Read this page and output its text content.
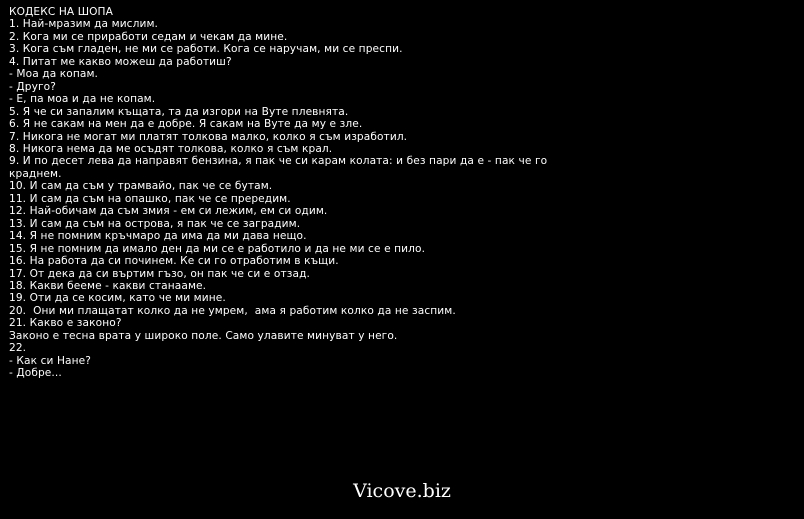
КОДЕКС НА ШОПА
1. Най-мразим да мислим.
2. Кога ми се приработи седам и чекам да мине.
3. Кога съм гладен, не ми се работи. Кога се наручам, ми се преспи.
4. Питат ме какво можеш да работиш?
- Моа да копам.
- Друго?
- Е, па моа и да не копам.
5. Я че си запалим къщата, та да изгори на Вуте плевнята.
6. Я не сакам на мен да е добре. Я сакам на Вуте да му е зле.
7. Никога не могат ми платят толкова малко, колко я съм изработил.
8. Никога нема да ме осъдят толкова, колко я съм крал.
9. И по десет лева да направят бензина, я пак че си карам колата: и без пари да е - пак че го
краднем.
10. И сам да съм у трамвайо, пак че се бутам.
11. И сам да съм на опашко, пак че се прередим.
12. Най-обичам да съм змия - ем си лежим, ем си одим.
13. И сам да съм на острова, я пак че се заградим.
14. Я не помним кръчмаро да има да ми дава нещо.
15. Я не помним да имало ден да ми се е работило и да не ми се е пило.
16. На работа да си починем. Ке си го отработим в къщи.
17. От дека да си въртим гъзо, он пак че си е отзад.
18. Какви бееме - какви станааме.
19. Оти да се косим, като че ми мине.
20.  Они ми плащатат колко да не умрем,  ама я работим колко да не заспим.
21. Какво е законо?
Законо е тесна врата у широко поле. Само улавите минуват у него.
22.
- Как си Нане?
- Добре...
Vicove.biz
